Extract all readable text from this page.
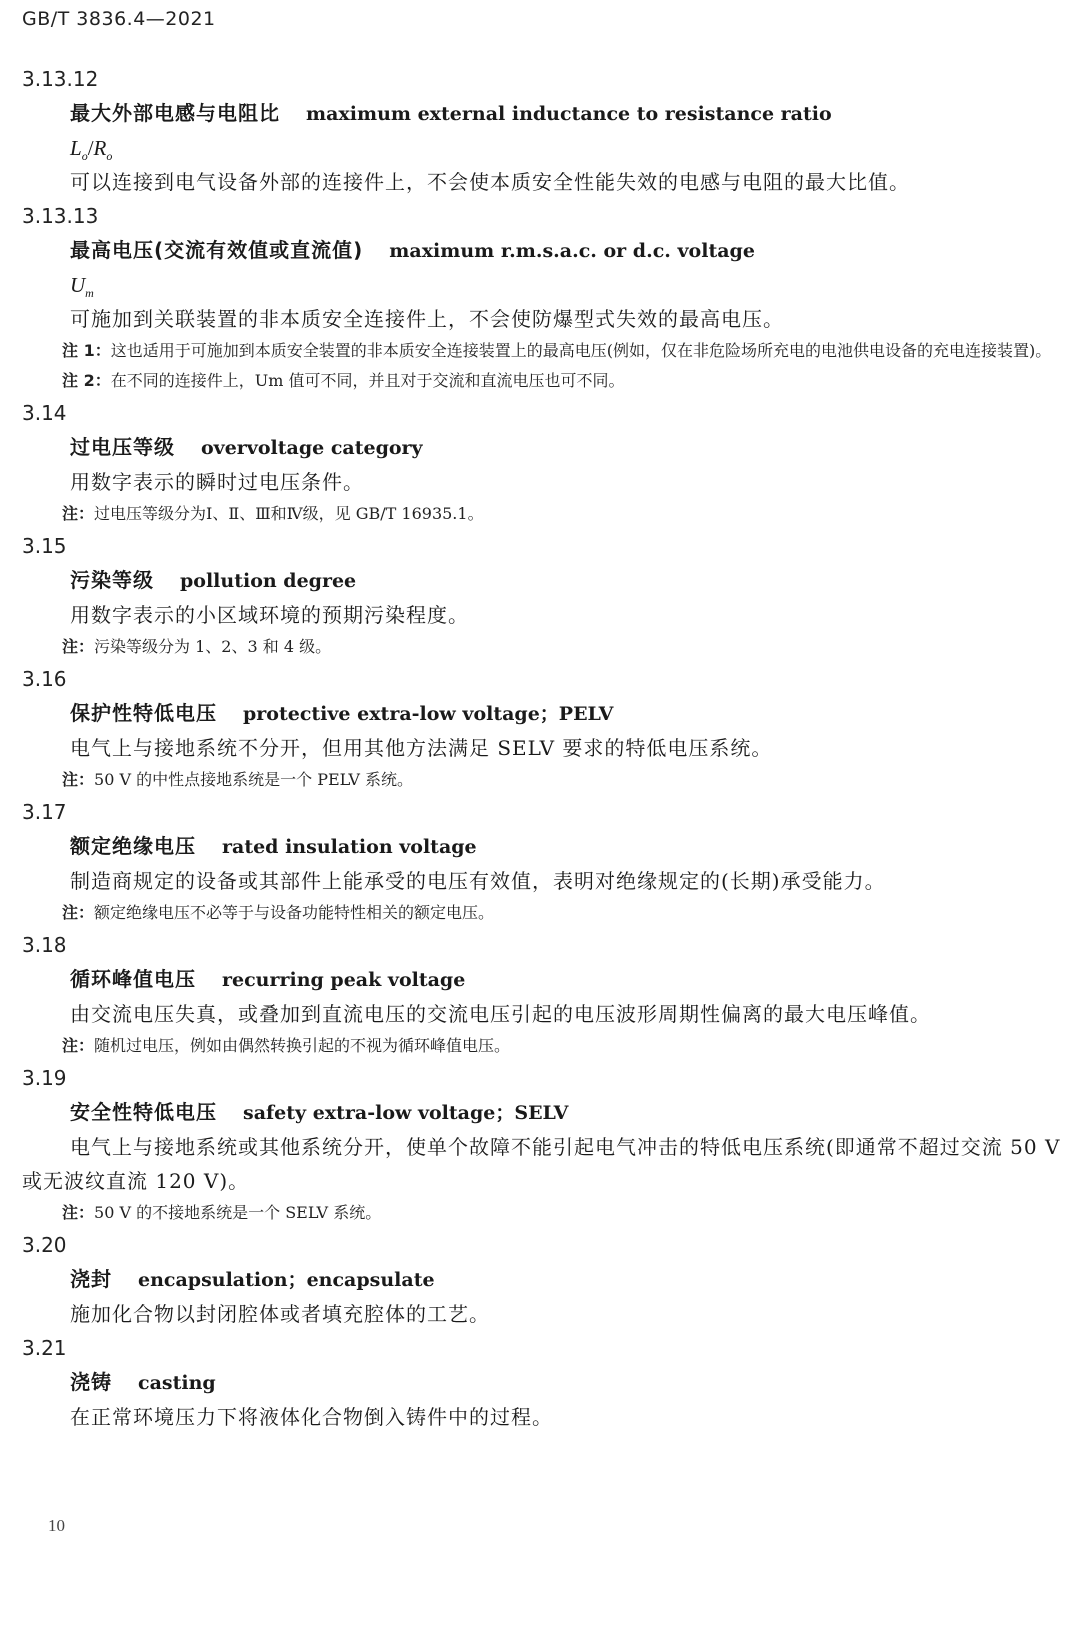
GB/T 3836.4—2021
3.13.12
最大外部电感与电阻比 maximum external inductance to resistance ratio
$L_o/R_o$
可以连接到电气设备外部的连接件上，不会使本质安全性能失效的电感与电阻的最大比值。
3.13.13
最高电压(交流有效值或直流值) maximum r.m.s.a.c. or d.c. voltage
$U_m$
可施加到关联装置的非本质安全连接件上，不会使防爆型式失效的最高电压。
注 1：这也适用于可施加到本质安全装置的非本质安全连接装置上的最高电压(例如，仅在非危险场所充电的电池供电设备的充电连接装置)。
注 2：在不同的连接件上，Um 值可不同，并且对于交流和直流电压也可不同。
3.14
过电压等级 overvoltage category
用数字表示的瞬时过电压条件。
注：过电压等级分为Ⅰ、Ⅱ、Ⅲ和Ⅳ级，见 GB/T 16935.1。
3.15
污染等级 pollution degree
用数字表示的小区域环境的预期污染程度。
注：污染等级分为 1、2、3 和 4 级。
3.16
保护性特低电压 protective extra-low voltage；PELV
电气上与接地系统不分开，但用其他方法满足 SELV 要求的特低电压系统。
注：50 V 的中性点接地系统是一个 PELV 系统。
3.17
额定绝缘电压 rated insulation voltage
制造商规定的设备或其部件上能承受的电压有效值，表明对绝缘规定的(长期)承受能力。
注：额定绝缘电压不必等于与设备功能特性相关的额定电压。
3.18
循环峰值电压 recurring peak voltage
由交流电压失真，或叠加到直流电压的交流电压引起的电压波形周期性偏离的最大电压峰值。
注：随机过电压，例如由偶然转换引起的不视为循环峰值电压。
3.19
安全性特低电压 safety extra-low voltage；SELV
电气上与接地系统或其他系统分开，使单个故障不能引起电气冲击的特低电压系统(即通常不超过交流 50 V 或无波纹直流 120 V)。
注：50 V 的不接地系统是一个 SELV 系统。
3.20
浇封 encapsulation；encapsulate
施加化合物以封闭腔体或者填充腔体的工艺。
3.21
浇铸 casting
在正常环境压力下将液体化合物倒入铸件中的过程。
10
